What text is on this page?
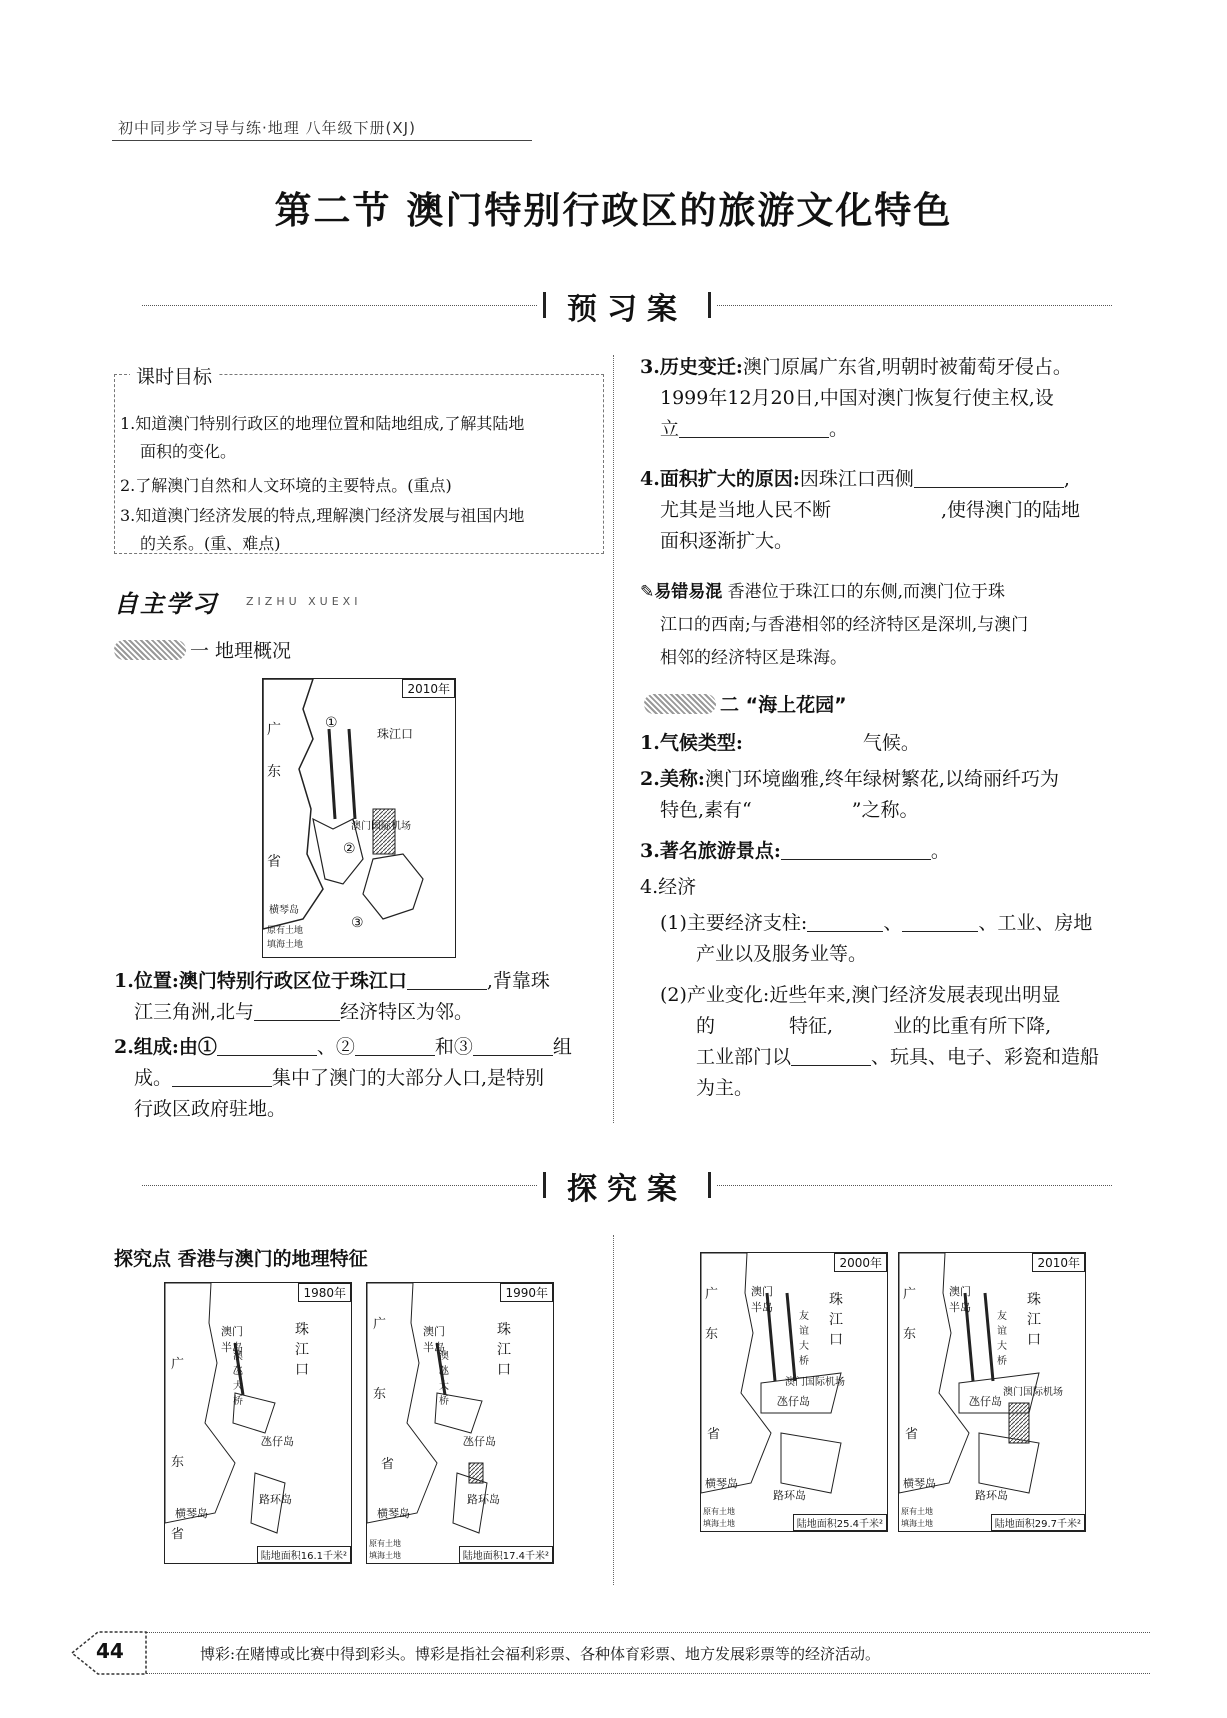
初中同步学习导与练·地理 八年级下册(XJ)
第二节 澳门特别行政区的旅游文化特色
预习案
课时目标
1.知道澳门特别行政区的地理位置和陆地组成,了解其陆地
面积的变化。
2.了解澳门自然和人文环境的主要特点。(重点)
3.知道澳门经济发展的特点,理解澳门经济发展与祖国内地
的关系。(重、难点)
自主学习	ZIZHU XUEXI
一 地理概况
2010年
广
东
省
珠江口
①
②
③
澳门国际机场
横琴岛
原有土地
填海土地
1.位置:澳门特别行政区位于珠江口	,背靠珠
江三角洲,北与	经济特区为邻。
2.组成:由①	、②	和③	组
成。	集中了澳门的大部分人口,是特别
行政区政府驻地。
3.历史变迁:澳门原属广东省,明朝时被葡萄牙侵占。
1999年12月20日,中国对澳门恢复行使主权,设
立	。
4.面积扩大的原因:因珠江口西侧	,
尤其是当地人民不断	,使得澳门的陆地
面积逐渐扩大。
✎易错易混 香港位于珠江口的东侧,而澳门位于珠
江口的西南;与香港相邻的经济特区是深圳,与澳门
相邻的经济特区是珠海。
二 “海上花园”
1.气候类型:	气候。
2.美称:澳门环境幽雅,终年绿树繁花,以绮丽纤巧为
特色,素有“	”之称。
3.著名旅游景点:	。
4.经济
(1)主要经济支柱:	、	、工业、房地
产业以及服务业等。
(2)产业变化:近些年来,澳门经济发展表现出明显
的	特征,	业的比重有所下降,
工业部门以	、玩具、电子、彩瓷和造船
为主。
探究案
探究点 香港与澳门的地理特征
1980年
澳门半岛
珠江口
广
东
省
澳氹大桥
氹仔岛
路环岛
横琴岛
陆地面积16.1千米²
1990年
澳门半岛
珠江口
广
东
省
澳氹大桥
氹仔岛
路环岛
横琴岛
原有土地
填海土地	陆地面积17.4千米²
2000年
澳门半岛	珠江口
广
东
省
友谊大桥
澳门国际机场
氹仔岛
路环岛
横琴岛
原有土地
填海土地	陆地面积25.4千米²
2010年
澳门半岛	珠江口
广
东
省
友谊大桥
澳门国际机场
氹仔岛
路环岛
横琴岛
原有土地
填海土地	陆地面积29.7千米²
44	博彩:在赌博或比赛中得到彩头。博彩是指社会福利彩票、各种体育彩票、地方发展彩票等的经济活动。
